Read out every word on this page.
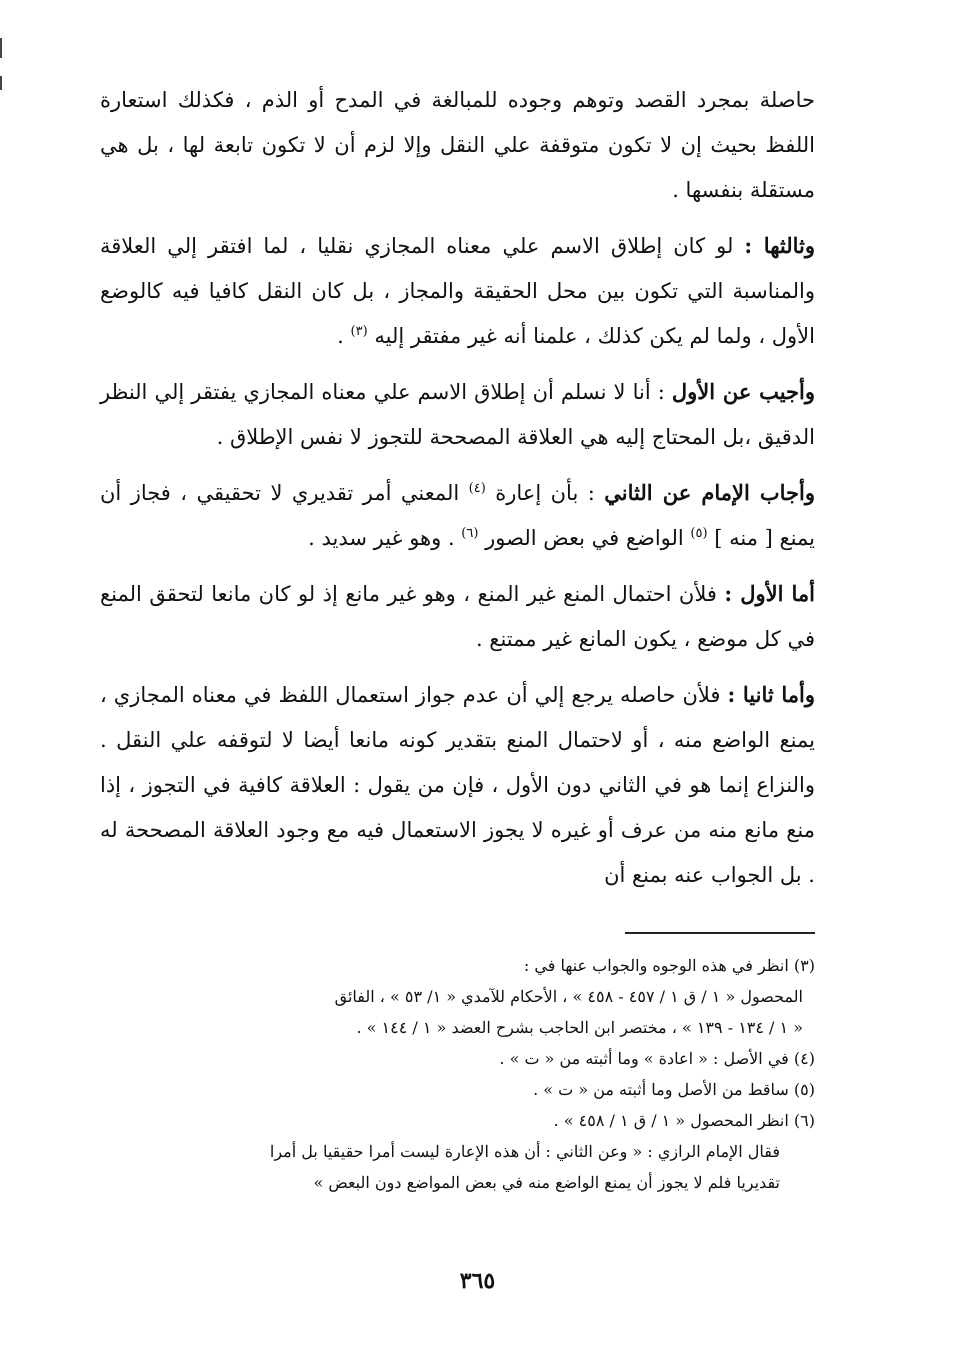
حاصلة بمجرد القصد وتوهم وجوده للمبالغة في المدح أو الذم ، فكذلك استعارة اللفظ بحيث إن لا تكون متوقفة علي النقل وإلا لزم أن لا تكون تابعة لها ، بل هي مستقلة بنفسها .

وثالثها : لو كان إطلاق الاسم علي معناه المجازي نقليا ، لما افتقر إلي العلاقة والمناسبة التي تكون بين محل الحقيقة والمجاز ، بل كان النقل كافيا فيه كالوضع الأول ، ولما لم يكن كذلك ، علمنا أنه غير مفتقر إليه $^{(٣)}$ .

وأجيب عن الأول : أنا لا نسلم أن إطلاق الاسم علي معناه المجازي يفتقر إلي النظر الدقيق ،بل المحتاج إليه هي العلاقة المصححة للتجوز لا نفس الإطلاق .

وأجاب الإمام عن الثاني : بأن إعارة $^{(٤)}$ المعني أمر تقديري لا تحقيقي ، فجاز أن يمنع [ منه ] $^{(٥)}$ الواضع في بعض الصور $^{(٦)}$ . وهو غير سديد .

أما الأول : فلأن احتمال المنع غير المنع ، وهو غير مانع إذ لو كان مانعا لتحقق المنع في كل موضع ، يكون المانع غير ممتنع .

وأما ثانيا : فلأن حاصله يرجع إلي أن عدم جواز استعمال اللفظ في معناه المجازي ، يمنع الواضع منه ، أو لاحتمال المنع بتقدير كونه مانعا أيضا لا لتوقفه علي النقل . والنزاع إنما هو في الثاني دون الأول ، فإن من يقول : العلاقة كافية في التجوز ، إذا منع مانع منه من عرف أو غيره لا يجوز الاستعمال فيه مع وجود العلاقة المصححة له . بل الجواب عنه بمنع أن

(٣) انظر في هذه الوجوه والجواب عنها في :
المحصول « ١ / ق ١ / ٤٥٧ - ٤٥٨ » ، الأحكام للآمدي « ١/ ٥٣ » ، الفائق
« ١ / ١٣٤ - ١٣٩ » ، مختصر ابن الحاجب بشرح العضد « ١ / ١٤٤ » .
(٤) في الأصل : « اعادة » وما أثبته من « ت » .
(٥) ساقط من الأصل وما أثبته من « ت » .
(٦) انظر المحصول « ١ / ق ١ / ٤٥٨ » .
فقال الإمام الرازي : « وعن الثاني : أن هذه الإعارة ليست أمرا حقيقيا بل أمرا
تقديريا فلم لا يجوز أن يمنع الواضع منه في بعض المواضع دون البعض »
٣٦٥
